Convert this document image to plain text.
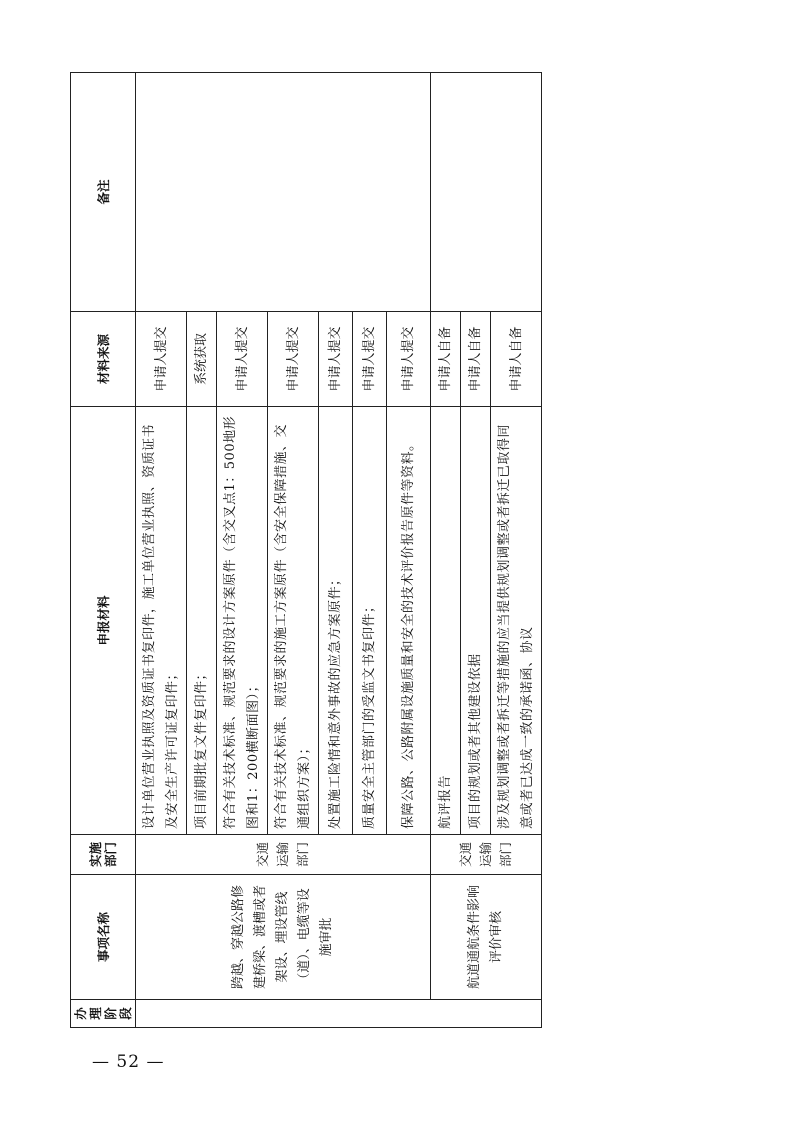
办理阶段	事项名称	实施部门	申报材料	材料来源	备注
	跨越、穿越公路修建桥梁、渡槽或者架设、埋设管线（道）、电缆等设施审批	交通运输部门	设计单位营业执照及资质证书复印件，施工单位营业执照、资质证书及安全生产许可证复印件；	申请人提交	
			项目前期批复文件复印件；	系统获取	
			符合有关技术标准、规范要求的设计方案原件（含交叉点1：500地形图和1：200横断面图）；	申请人提交	
			符合有关技术标准、规范要求的施工方案原件（含安全保障措施、交通组织方案）；	申请人提交	
			处置施工险情和意外事故的应急方案原件；	申请人提交	
			质量安全主管部门的受监文书复印件；	申请人提交	
			保障公路、公路附属设施质量和安全的技术评价报告原件等资料。	申请人提交	
	航道通航条件影响评价审核	交通运输部门	航评报告	申请人自备	
			项目的规划或者其他建设依据	申请人自备	
			涉及规划调整或者拆迁等措施的应当提供规划调整或者拆迁已取得同意或者已达成一致的承诺函、协议	申请人自备	
— 52 —
